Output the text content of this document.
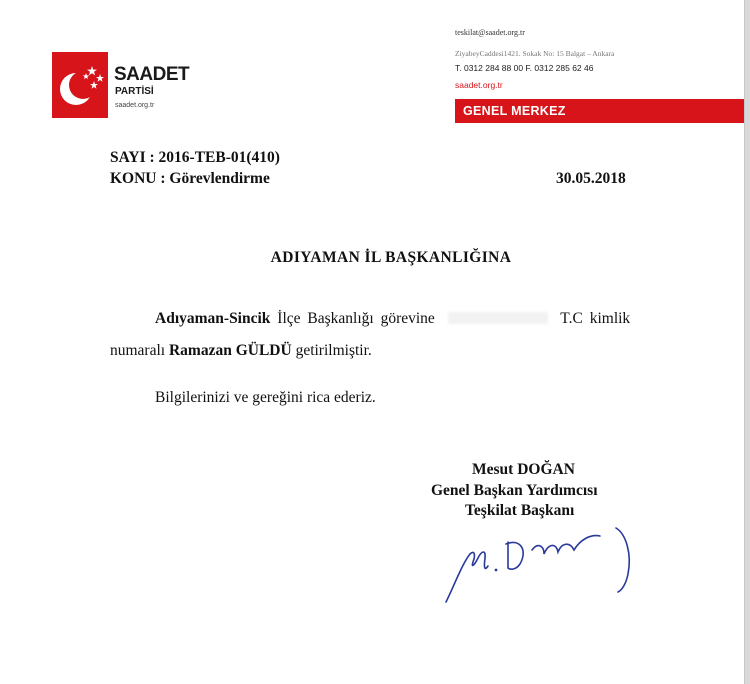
SAADET
PARTİSİ
saadet.org.tr
teskilat@saadet.org.tr
ZiyabeyCaddesi1421. Sokak No: 15 Balgat – Ankara
T. 0312 284 88 00 F. 0312 285 62 46
saadet.org.tr
GENEL MERKEZ
SAYI : 2016-TEB-01(410)
KONU : Görevlendirme	30.05.2018
ADIYAMAN İL BAŞKANLIĞINA
Adıyaman-Sincik İlçe Başkanlığı görevine	T.C kimlik
numaralı Ramazan GÜLDÜ getirilmiştir.
Bilgilerinizi ve gereğini rica ederiz.
Mesut DOĞAN
Genel Başkan Yardımcısı
Teşkilat Başkanı
